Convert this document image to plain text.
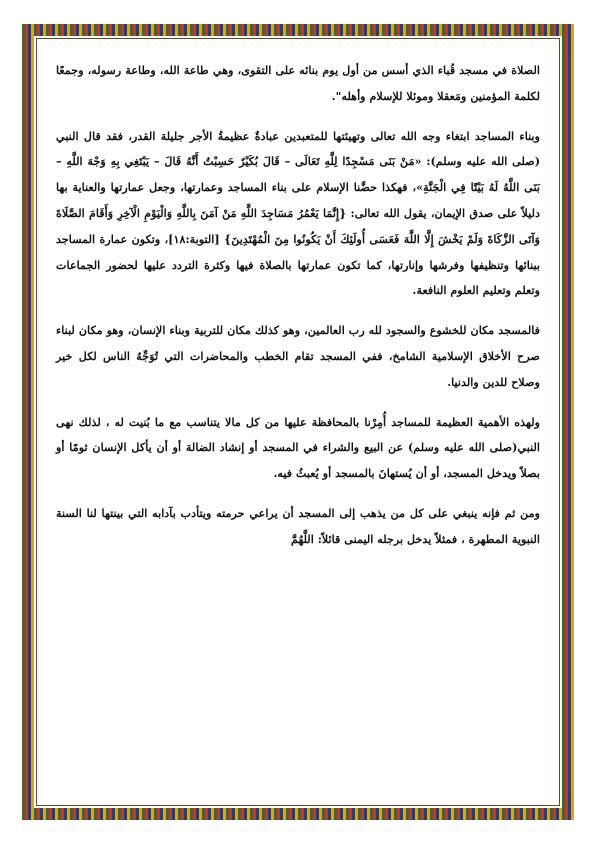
الصلاة في مسجد قُباء الذي أسس من أول يوم بنائه على التقوى، وهي طاعة الله، وطاعة رسوله، وجمعًا لكلمة المؤمنين ومَعقلا وموئلا للإسلام وأهله".

وبناء المساجد ابتغاء وجه الله تعالى وتهيئتها للمتعبدين عبادةٌ عظيمةُ الأجر جليلة القدر، فقد قال النبي (صلى الله عليه وسلم): «مَنْ بَنَى مَسْجِدًا لِلَّهِ تَعَالَى – قَالَ بُكَيْرٌ حَسِبْتُ أَنَّهُ قَالَ – يَبْتَغِي بِهِ وَجْهَ اللَّهِ – بَنَى اللَّهُ لَهُ بَيْتًا فِي الْجَنَّةِ»، فهكذا حضَّنا الإسلام على بناء المساجد وعمارتها، وجعل عمارتها والعناية بها دليلاً على صدق الإيمان، يقول الله تعالى: {إِنَّمَا يَعْمُرُ مَسَاجِدَ اللَّهِ مَنْ آمَنَ بِاللَّهِ وَالْيَوْمِ الْآخِرِ وَأَقَامَ الصَّلَاةَ وَآتَى الزَّكَاةَ وَلَمْ يَخْشَ إِلَّا اللَّهَ فَعَسَى أُولَئِكَ أَنْ يَكُونُوا مِنَ الْمُهْتَدِينَ} [التوبة:١٨]، وتكون عمارة المساجد ببنائها وتنظيفها وفرشها وإنارتها، كما تكون عمارتها بالصلاة فيها وكثرة التردد عليها لحضور الجماعات وتعلم وتعليم العلوم النافعة.

فالمسجد مكان للخشوع والسجود لله رب العالمين، وهو كذلك مكان للتربية وبناء الإنسان، وهو مكان لبناء صرح الأخلاق الإسلامية الشامخ، ففي المسجد تقام الخطب والمحاضرات التي تُوَجِّهُ الناس لكل خير وصلاح للدين والدنيا.

ولهذه الأهمية العظيمة للمساجد أُمِرْنا بالمحافظة عليها من كل مالا يتناسب مع ما بُنيت له ، لذلك نهى النبي(صلى الله عليه وسلم) عن البيع والشراء في المسجد أو إنشاد الضالة أو أن يأكل الإنسان ثومًا أو بصلاً ويدخل المسجد، أو أن يُستهانَ بالمسجد أو يُعبثُ فيه.

ومن ثم فإنه ينبغي على كل من يذهب إلى المسجد أن يراعي حرمته ويتأدب بآدابه التي بينتها لنا السنة النبوية المطهرة ، فمثلاً يدخل برجله اليمنى قائلاً: اللَّهُمَّ
